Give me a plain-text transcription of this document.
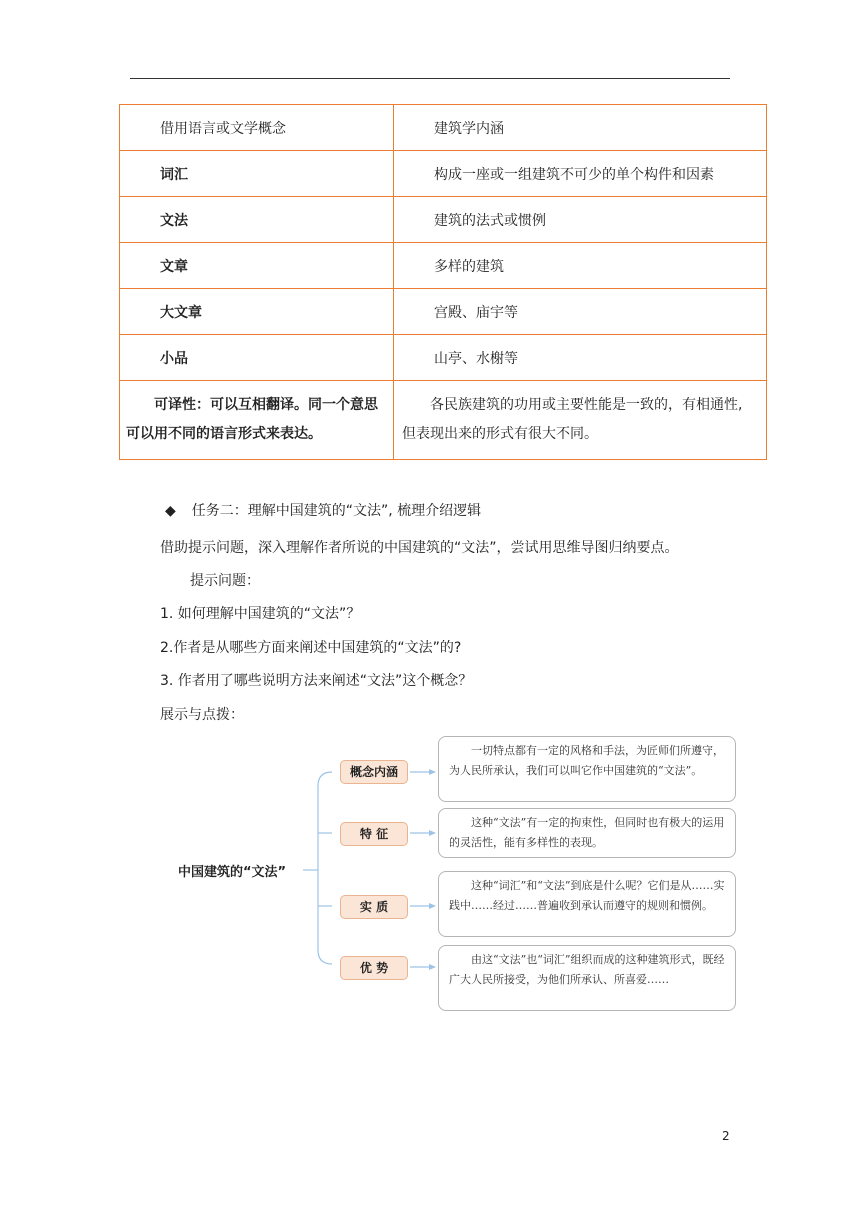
借用语言或文学概念	建筑学内涵
词汇	构成一座或一组建筑不可少的单个构件和因素
文法	建筑的法式或惯例
文章	多样的建筑
大文章	宫殿、庙宇等
小品	山亭、水榭等
可译性：可以互相翻译。同一个意思可以用不同的语言形式来表达。	各民族建筑的功用或主要性能是一致的，有相通性, 但表现出来的形式有很大不同。
◆ 任务二：理解中国建筑的“文法”, 梳理介绍逻辑
借助提示问题，深入理解作者所说的中国建筑的“文法”，尝试用思维导图归纳要点。
提示问题：
1. 如何理解中国建筑的“文法”？
2.作者是从哪些方面来阐述中国建筑的“文法”的?
3. 作者用了哪些说明方法来阐述“文法”这个概念？
展示与点拨：
中国建筑的“文法”
概念内涵
特 征
实 质
优 势
一切特点都有一定的风格和手法，为匠师们所遵守，为人民所承认，我们可以叫它作中国建筑的“文法”。
这种“文法”有一定的拘束性，但同时也有极大的运用的灵活性，能有多样性的表现。
这种“词汇”和“文法”到底是什么呢？它们是从……实践中……经过……普遍收到承认而遵守的规则和惯例。
由这“文法”也“词汇”组织而成的这种建筑形式，既经广大人民所接受，为他们所承认、所喜爱……
2
